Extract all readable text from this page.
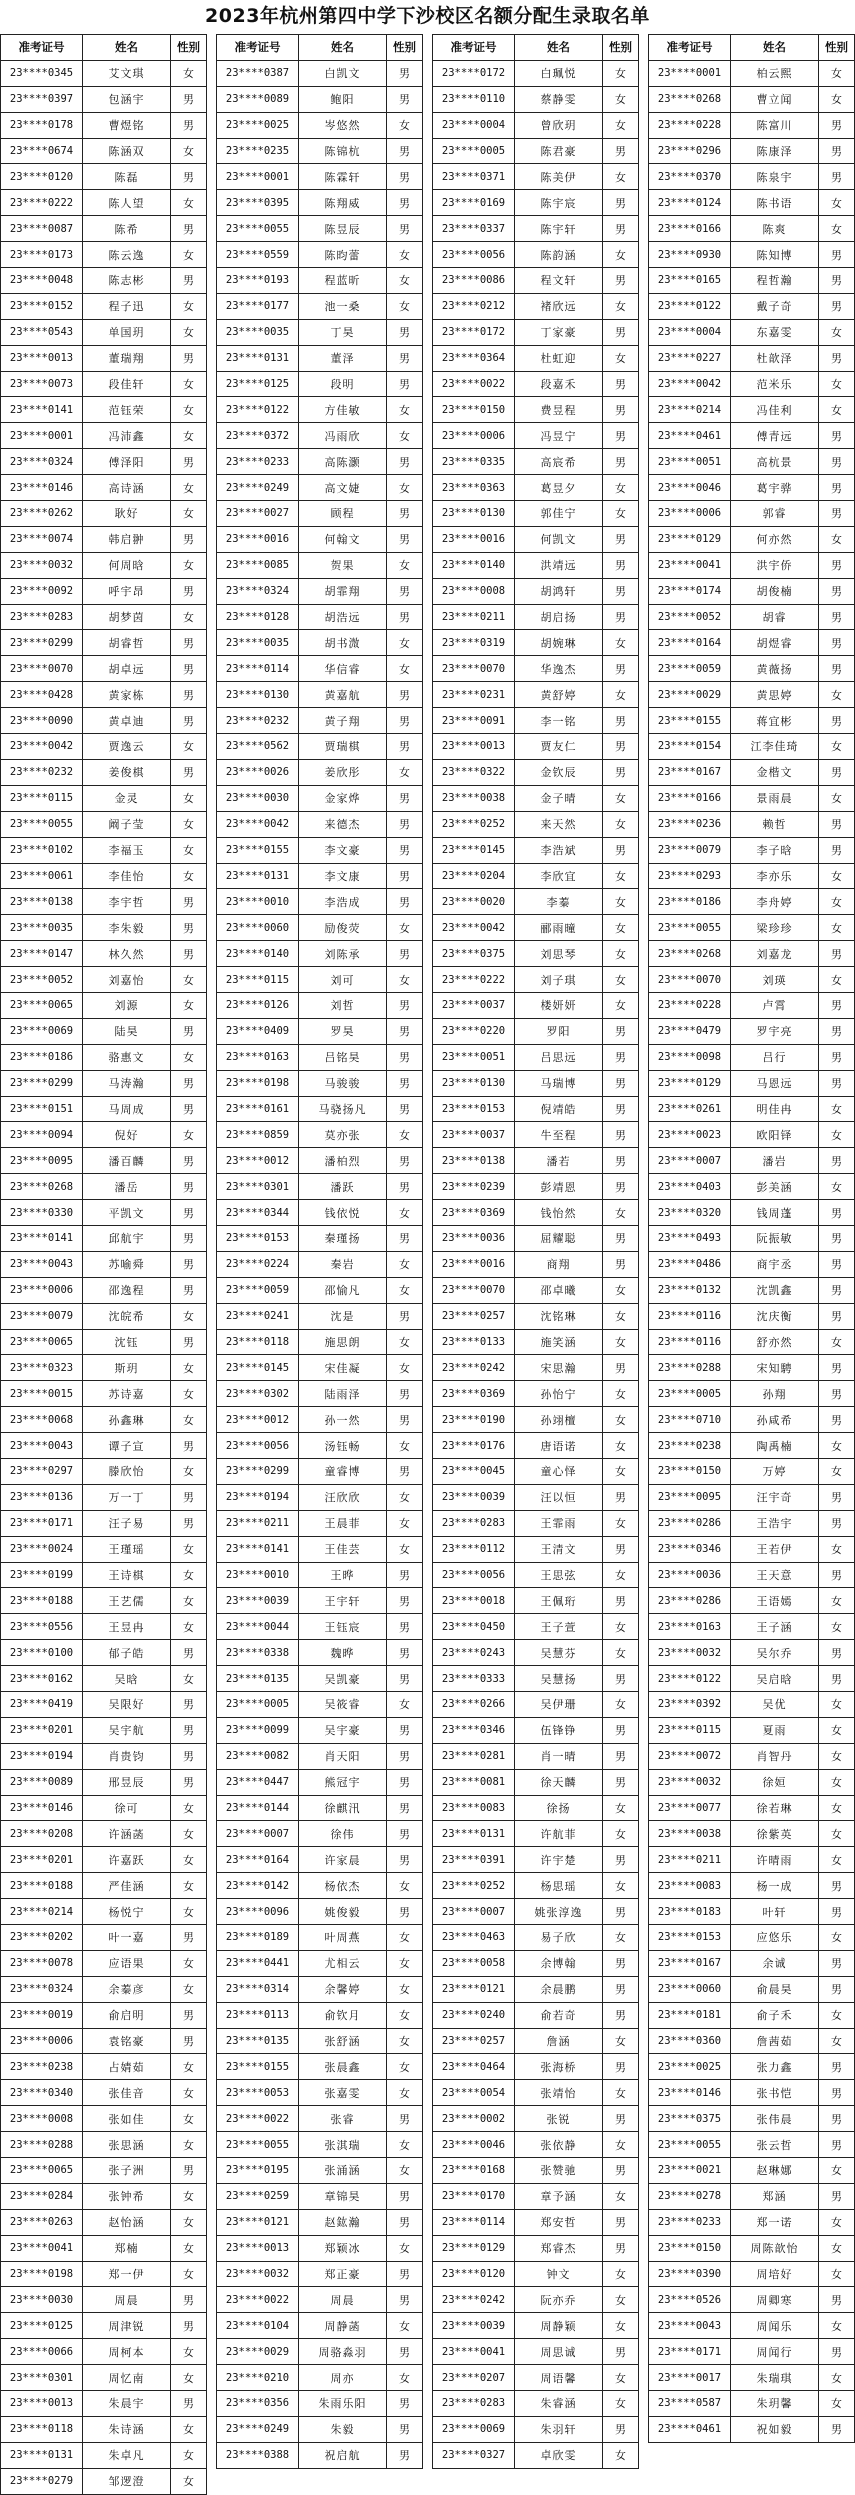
2023年杭州第四中学下沙校区名额分配生录取名单
准考证号	姓名	性别
23****0345	艾文琪	女
23****0397	包涵宇	男
23****0178	曹煜铭	男
23****0674	陈涵双	女
23****0120	陈磊	男
23****0222	陈人望	女
23****0087	陈希	男
23****0173	陈云逸	女
23****0048	陈志彬	男
23****0152	程子迅	女
23****0543	单国玥	女
23****0013	董瑞翔	男
23****0073	段佳轩	女
23****0141	范钰荣	女
23****0001	冯沛鑫	女
23****0324	傅泽阳	男
23****0146	高诗涵	女
23****0262	耿好	女
23****0074	韩启翀	男
23****0032	何周晗	女
23****0092	呼宇昂	男
23****0283	胡梦茵	女
23****0299	胡睿哲	男
23****0070	胡卓远	男
23****0428	黄家栋	男
23****0090	黄卓迪	男
23****0042	贾逸云	女
23****0232	姜俊棋	男
23****0115	金灵	女
23****0055	阚子莹	女
23****0102	李福玉	女
23****0061	李佳怡	女
23****0138	李宇哲	男
23****0035	李朱毅	男
23****0147	林久然	男
23****0052	刘嘉怡	女
23****0065	刘源	女
23****0069	陆昊	男
23****0186	骆惠文	女
23****0299	马涛瀚	男
23****0151	马周成	男
23****0094	倪好	女
23****0095	潘百麟	男
23****0268	潘岳	男
23****0330	平凯文	男
23****0141	邱航宇	男
23****0043	苏喻舜	男
23****0006	邵逸程	男
23****0079	沈皖希	女
23****0065	沈钰	男
23****0323	斯玥	女
23****0015	苏诗嘉	女
23****0068	孙鑫琳	女
23****0043	谭子宣	男
23****0297	滕欣怡	女
23****0136	万一丁	男
23****0171	汪子易	男
23****0024	王瑾瑶	女
23****0199	王诗棋	女
23****0188	王艺儒	女
23****0556	王昱冉	女
23****0100	郁子皓	男
23****0162	吴晗	女
23****0419	吴限好	男
23****0201	吴宇航	男
23****0194	肖贵钧	男
23****0089	邢昱辰	男
23****0146	徐可	女
23****0208	许涵菡	女
23****0201	许嘉跃	女
23****0188	严佳涵	女
23****0214	杨悦宁	女
23****0202	叶一嘉	男
23****0078	应语果	女
23****0324	余蓁彦	女
23****0019	俞启明	男
23****0006	袁铭豪	男
23****0238	占婧茹	女
23****0340	张佳音	女
23****0008	张如佳	女
23****0288	张思涵	女
23****0065	张子洲	男
23****0284	张钟希	女
23****0263	赵怡涵	女
23****0041	郑楠	女
23****0198	郑一伊	女
23****0030	周晨	男
23****0125	周津锐	男
23****0066	周柯本	女
23****0301	周忆南	女
23****0013	朱晨宇	男
23****0118	朱诗涵	女
23****0131	朱卓凡	女
23****0279	邹逻澄	女
准考证号	姓名	性别
23****0387	白凯文	男
23****0089	鲍阳	男
23****0025	岑悠然	女
23****0235	陈锦杭	男
23****0001	陈霖轩	男
23****0395	陈翔威	男
23****0055	陈昱辰	男
23****0559	陈昀蕾	女
23****0193	程蓝昕	女
23****0177	池一桑	女
23****0035	丁昊	男
23****0131	董泽	男
23****0125	段明	男
23****0122	方佳敏	女
23****0372	冯雨欣	女
23****0233	高陈灏	男
23****0249	高文婕	女
23****0027	顾程	男
23****0016	何翰文	男
23****0085	贺果	女
23****0324	胡霏翔	男
23****0128	胡浩远	男
23****0035	胡书溦	女
23****0114	华信睿	女
23****0130	黄嘉航	男
23****0232	黄子翔	男
23****0562	贾瑞棋	男
23****0026	姜欣彤	女
23****0030	金家烨	男
23****0042	来德杰	男
23****0155	李文豪	男
23****0131	李文康	男
23****0010	李浩成	男
23****0060	励俊荧	女
23****0140	刘陈承	男
23****0115	刘可	女
23****0126	刘哲	男
23****0409	罗昊	男
23****0163	吕铭昊	男
23****0198	马骏骏	男
23****0161	马骁扬凡	男
23****0859	莫亦张	女
23****0012	潘柏烈	男
23****0301	潘跃	男
23****0344	钱依悦	女
23****0153	秦瑾扬	男
23****0224	秦岩	女
23****0059	邵愉凡	女
23****0241	沈是	男
23****0118	施思朗	女
23****0145	宋佳凝	女
23****0302	陆雨泽	男
23****0012	孙一然	男
23****0056	汤钰畅	女
23****0299	童睿博	男
23****0194	汪欣欣	女
23****0211	王晨菲	女
23****0141	王佳芸	女
23****0010	王晔	男
23****0039	王宇轩	男
23****0044	王钰宸	男
23****0338	魏晔	男
23****0135	吴凯豪	男
23****0005	吴筱睿	女
23****0099	吴宇豪	男
23****0082	肖天阳	男
23****0447	熊冠宇	男
23****0144	徐麒汛	男
23****0007	徐伟	男
23****0164	许家晨	男
23****0142	杨依杰	女
23****0096	姚俊毅	男
23****0189	叶周燕	女
23****0441	尤相云	女
23****0314	余馨婷	女
23****0113	俞钦月	女
23****0135	张舒涵	女
23****0155	张晨鑫	女
23****0053	张嘉雯	女
23****0022	张睿	男
23****0055	张淇瑞	女
23****0195	张涌涵	女
23****0259	章锦昊	男
23****0121	赵鈜瀚	男
23****0013	郑颖冰	女
23****0032	郑正豪	男
23****0022	周晨	男
23****0104	周静菡	女
23****0029	周骆淼羽	男
23****0210	周亦	女
23****0356	朱雨乐阳	男
23****0249	朱毅	男
23****0388	祝启航	男
准考证号	姓名	性别
23****0172	白珮悦	女
23****0110	蔡静雯	女
23****0004	曾欣玥	女
23****0005	陈君豪	男
23****0371	陈美伊	女
23****0169	陈宇宸	男
23****0337	陈宇轩	男
23****0056	陈韵涵	女
23****0086	程文轩	男
23****0212	褚欣远	女
23****0172	丁家豪	男
23****0364	杜虹迎	女
23****0022	段嘉禾	男
23****0150	费昱程	男
23****0006	冯昱宁	男
23****0335	高宸希	男
23****0363	葛昱夕	女
23****0130	郭佳宁	女
23****0016	何凯文	男
23****0140	洪靖远	男
23****0008	胡鸿轩	男
23****0211	胡启扬	男
23****0319	胡婉琳	女
23****0070	华逸杰	男
23****0231	黄舒婷	女
23****0091	李一铭	男
23****0013	贾友仁	男
23****0322	金钦辰	男
23****0038	金子晴	女
23****0252	来天然	女
23****0145	李浩斌	男
23****0204	李欣宜	女
23****0020	李蓁	女
23****0042	郦雨曈	女
23****0375	刘思琴	女
23****0222	刘子琪	女
23****0037	楼妍妍	女
23****0220	罗阳	男
23****0051	吕思远	男
23****0130	马瑞博	男
23****0153	倪靖皓	男
23****0037	牛至程	男
23****0138	潘若	男
23****0239	彭靖恩	男
23****0369	钱怡然	女
23****0036	屈耀聪	男
23****0016	商翔	男
23****0070	邵卓曦	女
23****0257	沈铭琳	女
23****0133	施笑涵	女
23****0242	宋思瀚	男
23****0369	孙怡宁	女
23****0190	孙翊檀	女
23****0176	唐语诺	女
23****0045	童心怿	女
23****0039	汪以恒	男
23****0283	王霏雨	女
23****0112	王清文	男
23****0056	王思弦	女
23****0018	王佩珩	男
23****0450	王子萱	女
23****0243	吴慧芬	女
23****0333	吴慧扬	男
23****0266	吴伊珊	女
23****0346	伍锋铮	男
23****0281	肖一晴	男
23****0081	徐天麟	男
23****0083	徐扬	女
23****0131	许航菲	女
23****0391	许宇楚	男
23****0252	杨思瑶	女
23****0007	姚张淳逸	男
23****0463	易子欣	女
23****0058	余博翰	男
23****0121	余晨鹏	男
23****0240	俞若奇	男
23****0257	詹涵	女
23****0464	张海桥	男
23****0054	张靖怡	女
23****0002	张锐	男
23****0046	张依静	女
23****0168	张赞驰	男
23****0170	章予涵	女
23****0114	郑安哲	男
23****0129	郑睿杰	男
23****0120	钟文	女
23****0242	阮亦乔	女
23****0039	周静颖	女
23****0041	周思诚	男
23****0207	周语馨	女
23****0283	朱睿涵	女
23****0069	朱羽轩	男
23****0327	卓欣雯	女
准考证号	姓名	性别
23****0001	柏云熙	女
23****0268	曹立闻	女
23****0228	陈富川	男
23****0296	陈康泽	男
23****0370	陈泉宇	男
23****0124	陈书语	女
23****0166	陈爽	女
23****0930	陈知博	男
23****0165	程哲瀚	男
23****0122	戴子奇	男
23****0004	东嘉雯	女
23****0227	杜歆泽	男
23****0042	范米乐	女
23****0214	冯佳利	女
23****0461	傅青远	男
23****0051	高杭景	男
23****0046	葛宇骅	男
23****0006	郭睿	男
23****0129	何亦然	女
23****0041	洪宇侨	男
23****0174	胡俊楠	男
23****0052	胡睿	男
23****0164	胡煜睿	男
23****0059	黄薇扬	男
23****0029	黄思婷	女
23****0155	蒋宜彬	男
23****0154	江李佳琦	女
23****0167	金楷文	男
23****0166	景雨晨	女
23****0236	赖哲	男
23****0079	李子晗	男
23****0293	李亦乐	女
23****0186	李舟婷	女
23****0055	梁珍珍	女
23****0268	刘嘉龙	男
23****0070	刘瑛	女
23****0228	卢霄	男
23****0479	罗宇亮	男
23****0098	吕行	男
23****0129	马恩远	男
23****0261	明佳冉	女
23****0023	欧阳铎	女
23****0007	潘岩	男
23****0403	彭美涵	女
23****0320	钱周蓬	男
23****0493	阮振敏	男
23****0486	商宇丞	男
23****0132	沈凯鑫	男
23****0116	沈庆衡	男
23****0116	舒亦然	女
23****0288	宋知騁	男
23****0005	孙翔	男
23****0710	孙咸希	男
23****0238	陶禹楠	女
23****0150	万婷	女
23****0095	汪宇奇	男
23****0286	王浩宇	男
23****0346	王若伊	女
23****0036	王天意	男
23****0286	王语嫣	女
23****0163	王子涵	女
23****0032	吴尔乔	男
23****0122	吴启晗	男
23****0392	吴优	女
23****0115	夏雨	女
23****0072	肖智丹	女
23****0032	徐姮	女
23****0077	徐若琳	女
23****0038	徐紫英	女
23****0211	许晴雨	女
23****0083	杨一成	男
23****0183	叶轩	男
23****0153	应悠乐	女
23****0167	余诚	男
23****0060	俞晨昊	男
23****0181	俞子禾	女
23****0360	詹茜茹	女
23****0025	张力鑫	男
23****0146	张书恺	男
23****0375	张伟晨	男
23****0055	张云哲	男
23****0021	赵琳娜	女
23****0278	郑涵	男
23****0233	郑一诺	女
23****0150	周陈歆怡	女
23****0390	周培好	女
23****0526	周卿寒	男
23****0043	周闻乐	女
23****0171	周闻行	男
23****0017	朱瑞琪	女
23****0587	朱玥馨	女
23****0461	祝如毅	男
